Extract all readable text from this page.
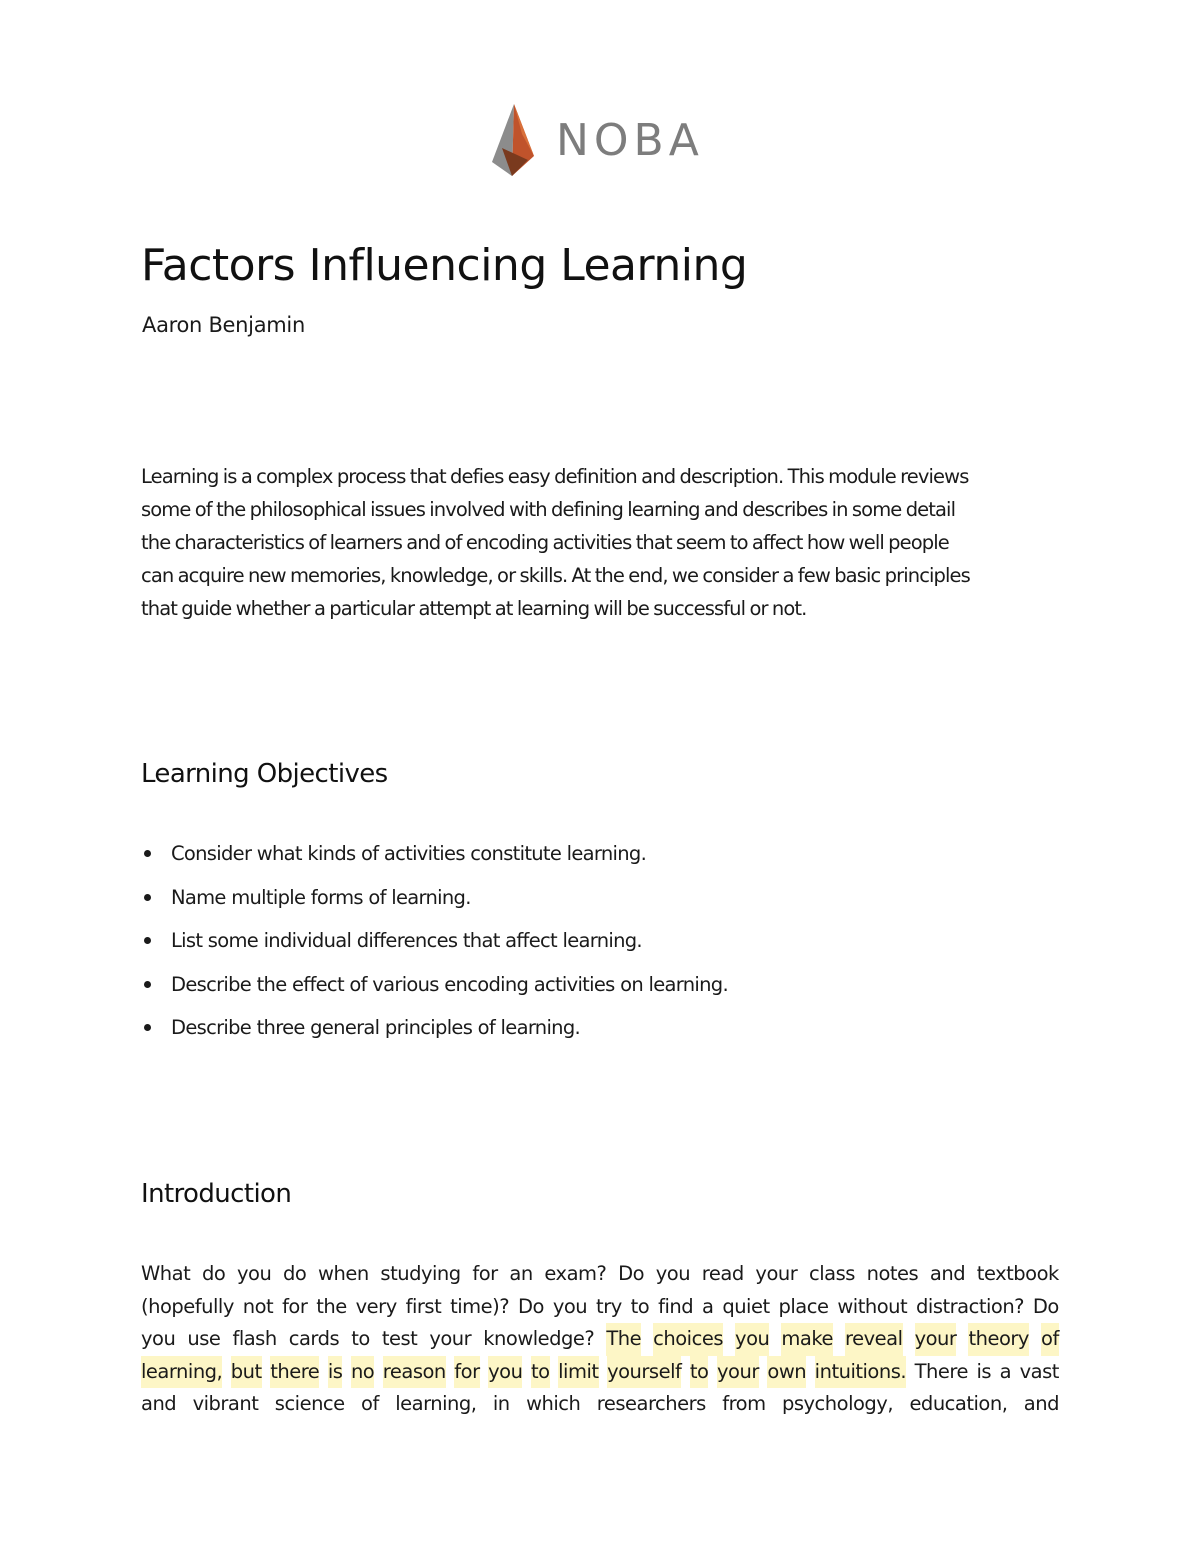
NOBA
Factors Influencing Learning
Aaron Benjamin

Learning is a complex process that defies easy definition and description. This module reviews
some of the philosophical issues involved with defining learning and describes in some detail
the characteristics of learners and of encoding activities that seem to affect how well people
can acquire new memories, knowledge, or skills. At the end, we consider a few basic principles
that guide whether a particular attempt at learning will be successful or not.

Learning Objectives
Consider what kinds of activities constitute learning.
Name multiple forms of learning.
List some individual differences that affect learning.
Describe the effect of various encoding activities on learning.
Describe three general principles of learning.
Introduction
What do you do when studying for an exam? Do you read your class notes and textbook
(hopefully not for the very first time)? Do you try to find a quiet place without distraction? Do
you use flash cards to test your knowledge? The choices you make reveal your theory of
learning, but there is no reason for you to limit yourself to your own intuitions. There is a vast
and vibrant science of learning, in which researchers from psychology, education, and
